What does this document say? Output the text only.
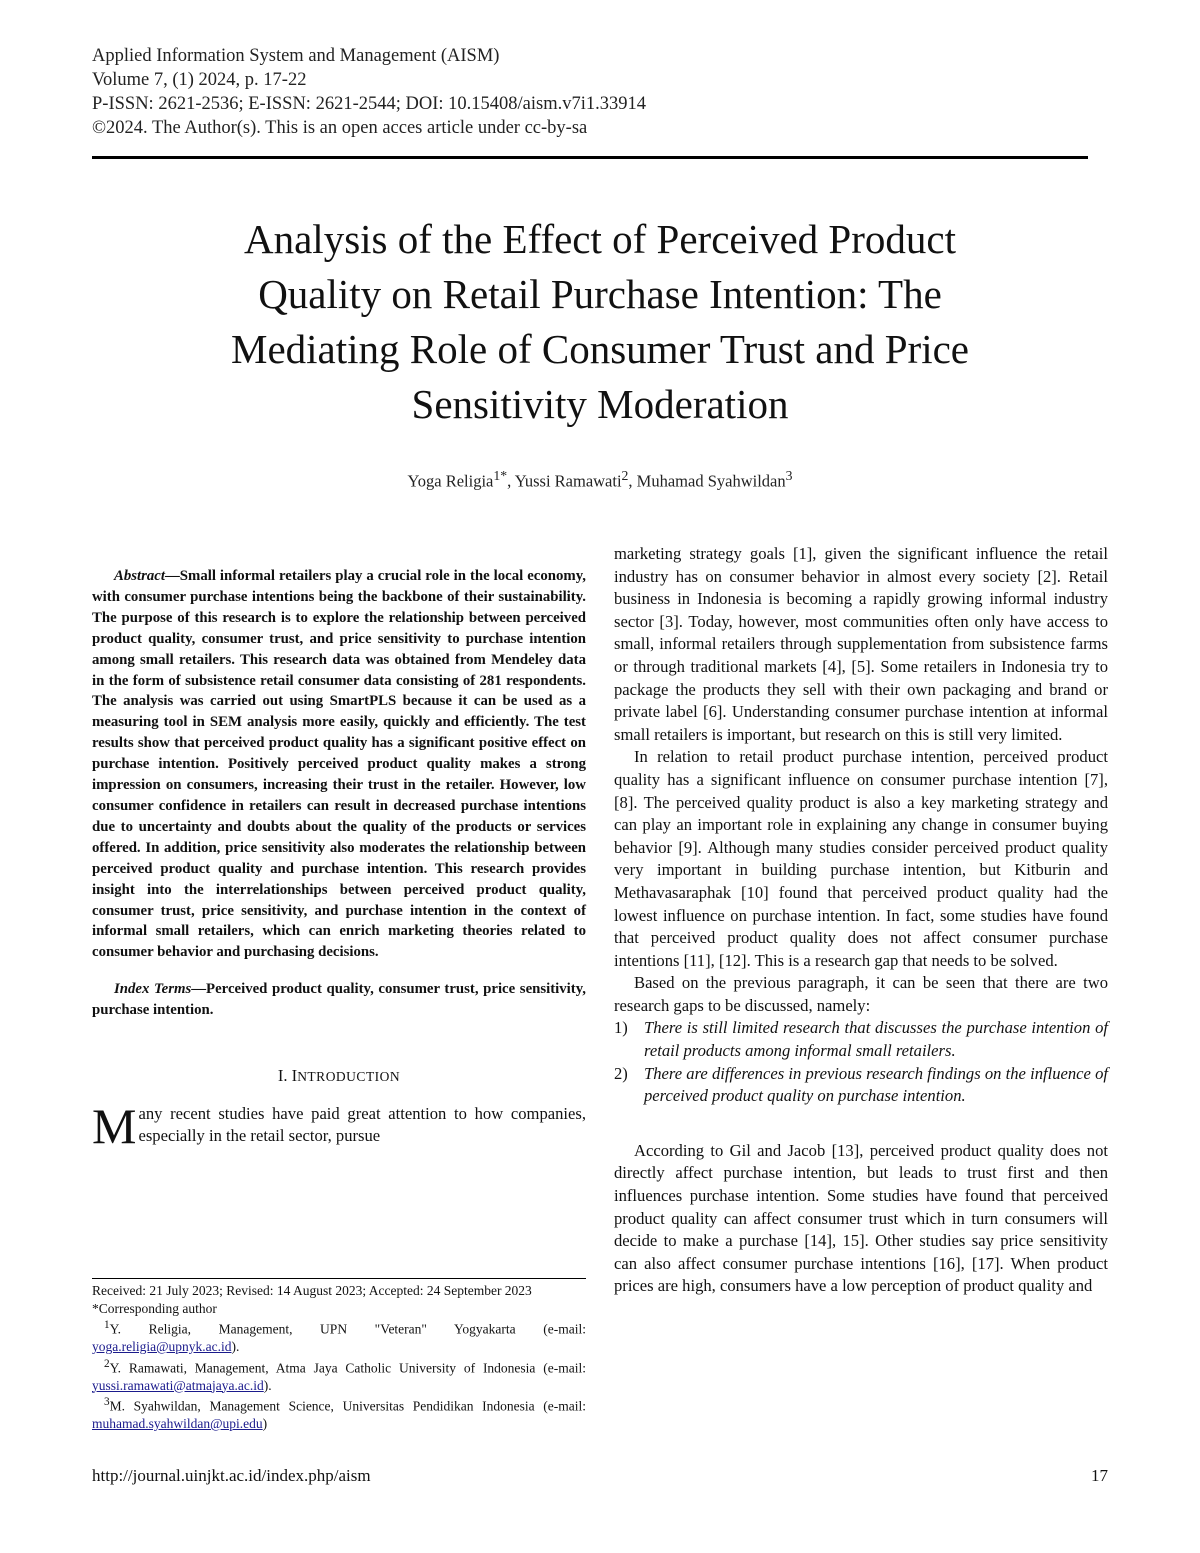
Applied Information System and Management (AISM)
Volume 7, (1) 2024, p. 17-22
P-ISSN: 2621-2536; E-ISSN: 2621-2544; DOI: 10.15408/aism.v7i1.33914
©2024. The Author(s). This is an open acces article under cc-by-sa
Analysis of the Effect of Perceived Product
Quality on Retail Purchase Intention: The
Mediating Role of Consumer Trust and Price
Sensitivity Moderation
Yoga Religia$^{1*}$, Yussi Ramawati$^2$, Muhamad Syahwildan$^3$

Abstract—Small informal retailers play a crucial role in the local economy, with consumer purchase intentions being the backbone of their sustainability. The purpose of this research is to explore the relationship between perceived product quality, consumer trust, and price sensitivity to purchase intention among small retailers. This research data was obtained from Mendeley data in the form of subsistence retail consumer data consisting of 281 respondents. The analysis was carried out using SmartPLS because it can be used as a measuring tool in SEM analysis more easily, quickly and efficiently. The test results show that perceived product quality has a significant positive effect on purchase intention. Positively perceived product quality makes a strong impression on consumers, increasing their trust in the retailer. However, low consumer confidence in retailers can result in decreased purchase intentions due to uncertainty and doubts about the quality of the products or services offered. In addition, price sensitivity also moderates the relationship between perceived product quality and purchase intention. This research provides insight into the interrelationships between perceived product quality, consumer trust, price sensitivity, and purchase intention in the context of informal small retailers, which can enrich marketing theories related to consumer behavior and purchasing decisions.

Index Terms—Perceived product quality, consumer trust, price sensitivity, purchase intention.

I. INTRODUCTION

Many recent studies have paid great attention to how companies, especially in the retail sector, pursue

Received: 21 July 2023; Revised: 14 August 2023; Accepted: 24 September 2023

*Corresponding author

$^1$Y. Religia, Management, UPN "Veteran" Yogyakarta (e-mail: yoga.religia@upnyk.ac.id).

$^2$Y. Ramawati, Management, Atma Jaya Catholic University of Indonesia (e-mail: yussi.ramawati@atmajaya.ac.id).

$^3$M. Syahwildan, Management Science, Universitas Pendidikan Indonesia (e-mail: muhamad.syahwildan@upi.edu)

marketing strategy goals [1], given the significant influence the retail industry has on consumer behavior in almost every society [2]. Retail business in Indonesia is becoming a rapidly growing informal industry sector [3]. Today, however, most communities often only have access to small, informal retailers through supplementation from subsistence farms or through traditional markets [4], [5]. Some retailers in Indonesia try to package the products they sell with their own packaging and brand or private label [6]. Understanding consumer purchase intention at informal small retailers is important, but research on this is still very limited.

In relation to retail product purchase intention, perceived product quality has a significant influence on consumer purchase intention [7], [8]. The perceived quality product is also a key marketing strategy and can play an important role in explaining any change in consumer buying behavior [9]. Although many studies consider perceived product quality very important in building purchase intention, but Kitburin and Methavasaraphak [10] found that perceived product quality had the lowest influence on purchase intention. In fact, some studies have found that perceived product quality does not affect consumer purchase intentions [11], [12]. This is a research gap that needs to be solved.

Based on the previous paragraph, it can be seen that there are two research gaps to be discussed, namely:

1) There is still limited research that discusses the purchase intention of retail products among informal small retailers.
2) There are differences in previous research findings on the influence of perceived product quality on purchase intention.

According to Gil and Jacob [13], perceived product quality does not directly affect purchase intention, but leads to trust first and then influences purchase intention. Some studies have found that perceived product quality can affect consumer trust which in turn consumers will decide to make a purchase [14], 15]. Other studies say price sensitivity can also affect consumer purchase intentions [16], [17]. When product prices are high, consumers have a low perception of product quality and

http://journal.uinjkt.ac.id/index.php/aism	17
